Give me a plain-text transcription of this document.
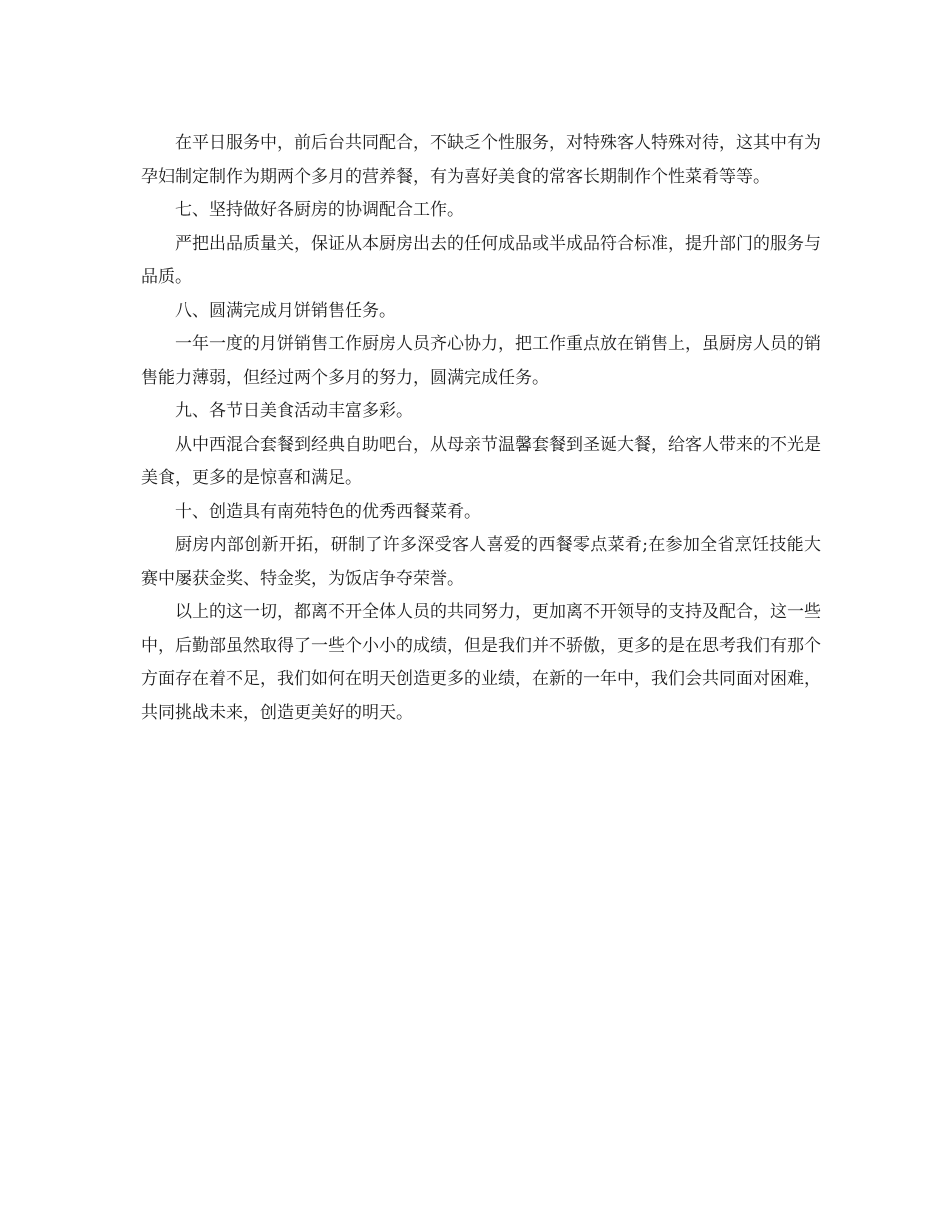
在平日服务中，前后台共同配合，不缺乏个性服务，对特殊客人特殊对待，这其中有为孕妇制定制作为期两个多月的营养餐，有为喜好美食的常客长期制作个性菜肴等等。

七、坚持做好各厨房的协调配合工作。

严把出品质量关，保证从本厨房出去的任何成品或半成品符合标准，提升部门的服务与品质。

八、圆满完成月饼销售任务。

一年一度的月饼销售工作厨房人员齐心协力，把工作重点放在销售上，虽厨房人员的销售能力薄弱，但经过两个多月的努力，圆满完成任务。

九、各节日美食活动丰富多彩。

从中西混合套餐到经典自助吧台，从母亲节温馨套餐到圣诞大餐，给客人带来的不光是美食，更多的是惊喜和满足。

十、创造具有南苑特色的优秀西餐菜肴。

厨房内部创新开拓，研制了许多深受客人喜爱的西餐零点菜肴;在参加全省烹饪技能大赛中屡获金奖、特金奖，为饭店争夺荣誉。

以上的这一切，都离不开全体人员的共同努力，更加离不开领导的支持及配合，这一些中，后勤部虽然取得了一些个小小的成绩，但是我们并不骄傲，更多的是在思考我们有那个方面存在着不足，我们如何在明天创造更多的业绩，在新的一年中，我们会共同面对困难，共同挑战未来，创造更美好的明天。
